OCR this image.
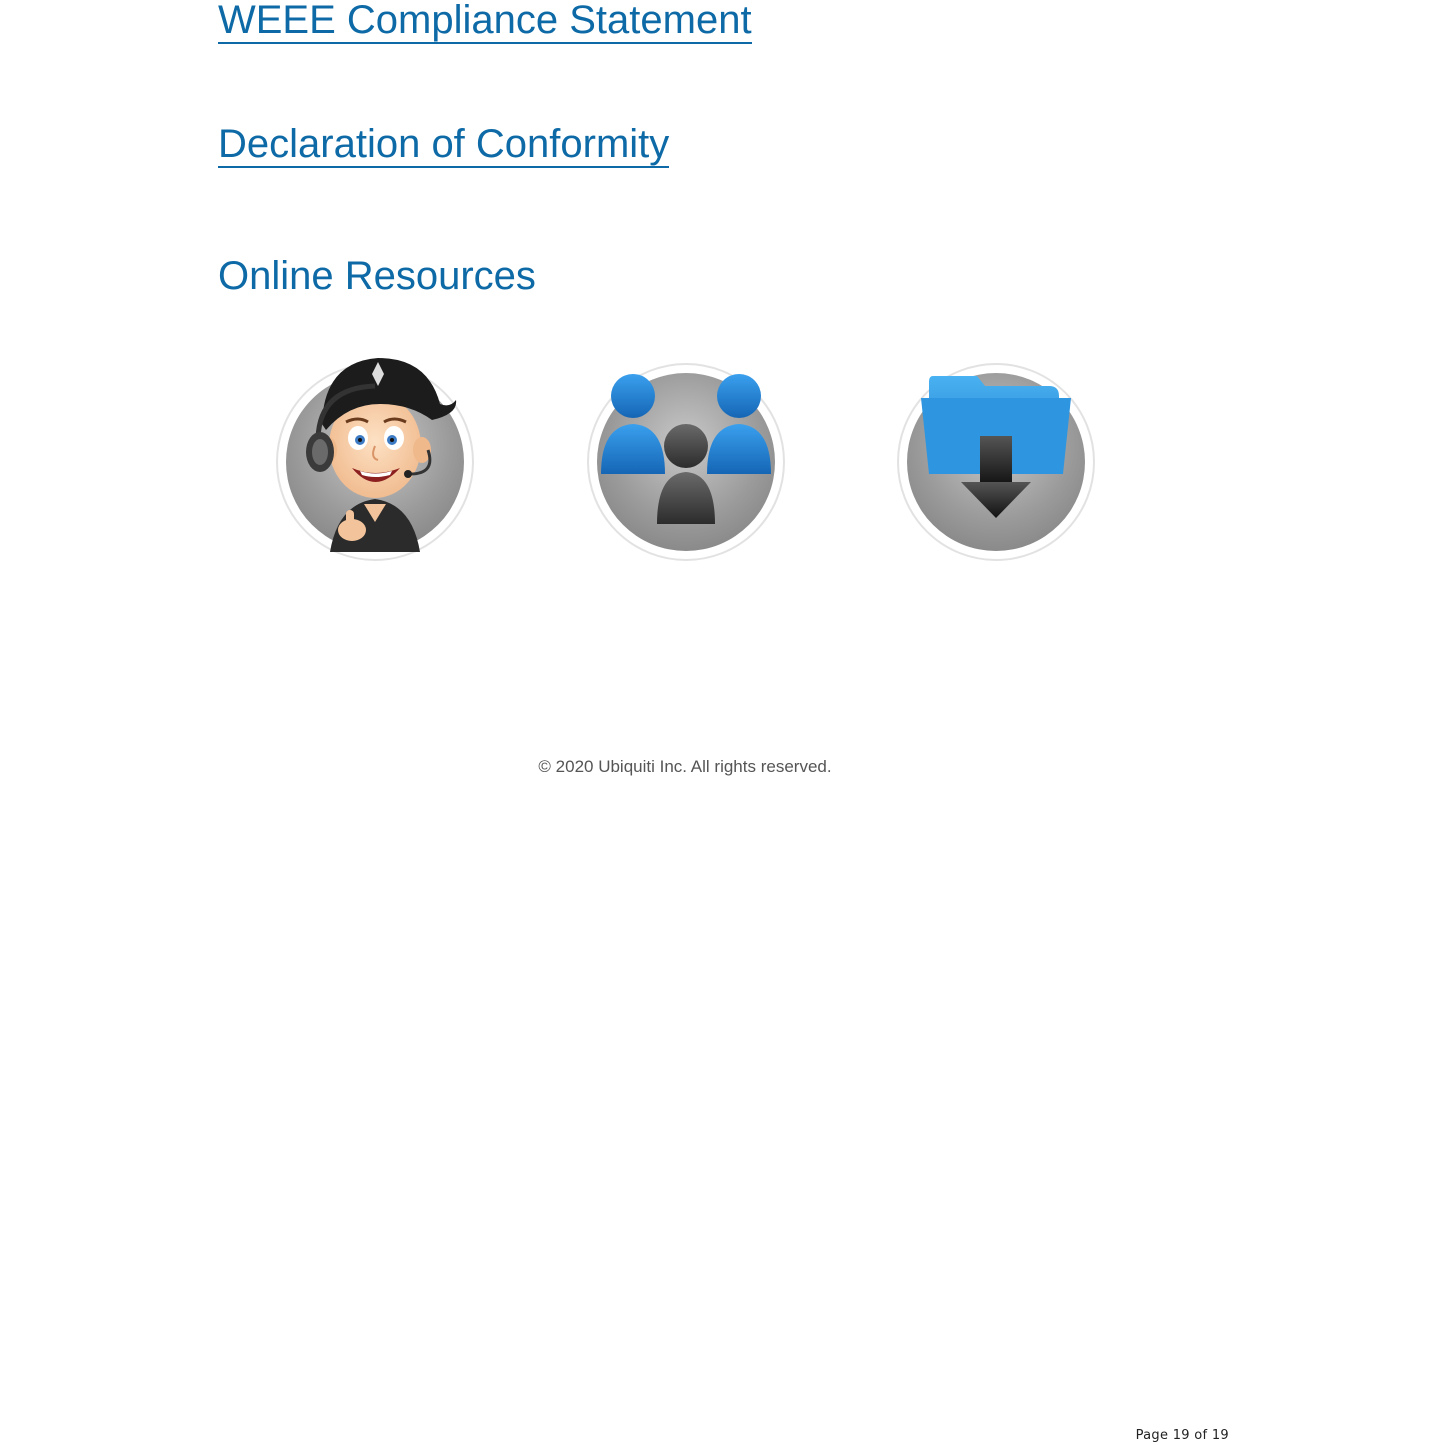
WEEE Compliance Statement
Declaration of Conformity
Online Resources

© 2020 Ubiquiti Inc. All rights reserved.

Page 19 of 19
